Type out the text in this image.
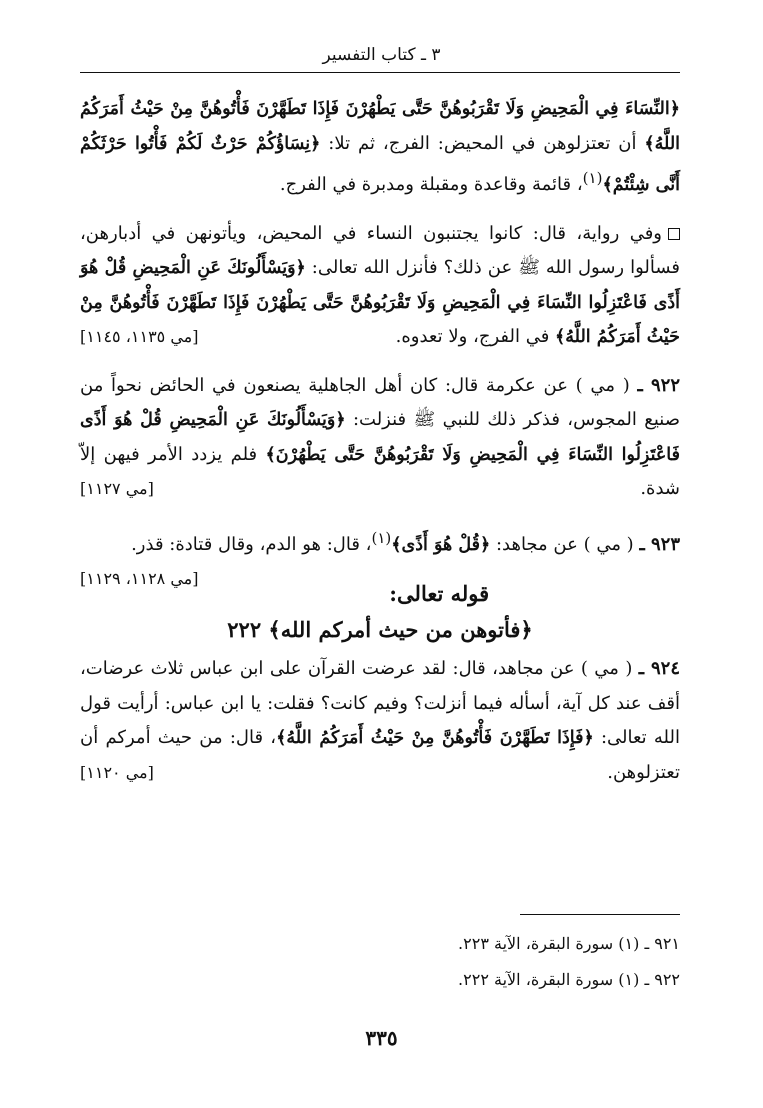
٣ ـ كتاب التفسير

﴿النِّسَاءَ فِي الْمَحِيضِ وَلَا تَقْرَبُوهُنَّ حَتَّى يَطْهُرْنَ فَإِذَا تَطَهَّرْنَ فَأْتُوهُنَّ مِنْ حَيْثُ أَمَرَكُمُ اللَّهُ﴾ أن تعتزلوهن في المحيض: الفرج، ثم تلا: ﴿نِسَاؤُكُمْ حَرْثٌ لَكُمْ فَأْتُوا حَرْثَكُمْ أَنَّى شِئْتُمْ﴾$^{(١)}$، قائمة وقاعدة ومقبلة ومدبرة في الفرج.

وفي رواية، قال: كانوا يجتنبون النساء في المحيض، ويأتونهن في أدبارهن، فسألوا رسول الله ﷺ عن ذلك؟ فأنزل الله تعالى: ﴿وَيَسْأَلُونَكَ عَنِ الْمَحِيضِ قُلْ هُوَ أَذًى فَاعْتَزِلُوا النِّسَاءَ فِي الْمَحِيضِ وَلَا تَقْرَبُوهُنَّ حَتَّى يَطْهُرْنَ فَإِذَا تَطَهَّرْنَ فَأْتُوهُنَّ مِنْ حَيْثُ أَمَرَكُمُ اللَّهُ﴾ في الفرج، ولا تعدوه.
[مي ١١٣٥، ١١٤٥]

٩٢٢ ـ ( مي ) عن عكرمة قال: كان أهل الجاهلية يصنعون في الحائض نحواً من صنيع المجوس، فذكر ذلك للنبي ﷺ فنزلت: ﴿وَيَسْأَلُونَكَ عَنِ الْمَحِيضِ قُلْ هُوَ أَذًى فَاعْتَزِلُوا النِّسَاءَ فِي الْمَحِيضِ وَلَا تَقْرَبُوهُنَّ حَتَّى يَطْهُرْنَ﴾ فلم يزدد الأمر فيهن إلاّ شدة.
[مي ١١٢٧]

٩٢٣ ـ ( مي ) عن مجاهد: ﴿قُلْ هُوَ أَذًى﴾$^{(١)}$، قال: هو الدم، وقال قتادة: قذر.
[مي ١١٢٨، ١١٢٩]

قوله تعالى:
﴿فأتوهن من حيث أمركم الله﴾ ٢٢٢

٩٢٤ ـ ( مي ) عن مجاهد، قال: لقد عرضت القرآن على ابن عباس ثلاث عرضات، أقف عند كل آية، أسأله فيما أنزلت؟ وفيم كانت؟ فقلت: يا ابن عباس: أرأيت قول الله تعالى: ﴿فَإِذَا تَطَهَّرْنَ فَأْتُوهُنَّ مِنْ حَيْثُ أَمَرَكُمُ اللَّهُ﴾، قال: من حيث أمركم أن تعتزلوهن.
[مي ١١٢٠]

٩٢١ ـ (١) سورة البقرة، الآية ٢٢٣.
٩٢٢ ـ (١) سورة البقرة، الآية ٢٢٢.
٣٣٥
